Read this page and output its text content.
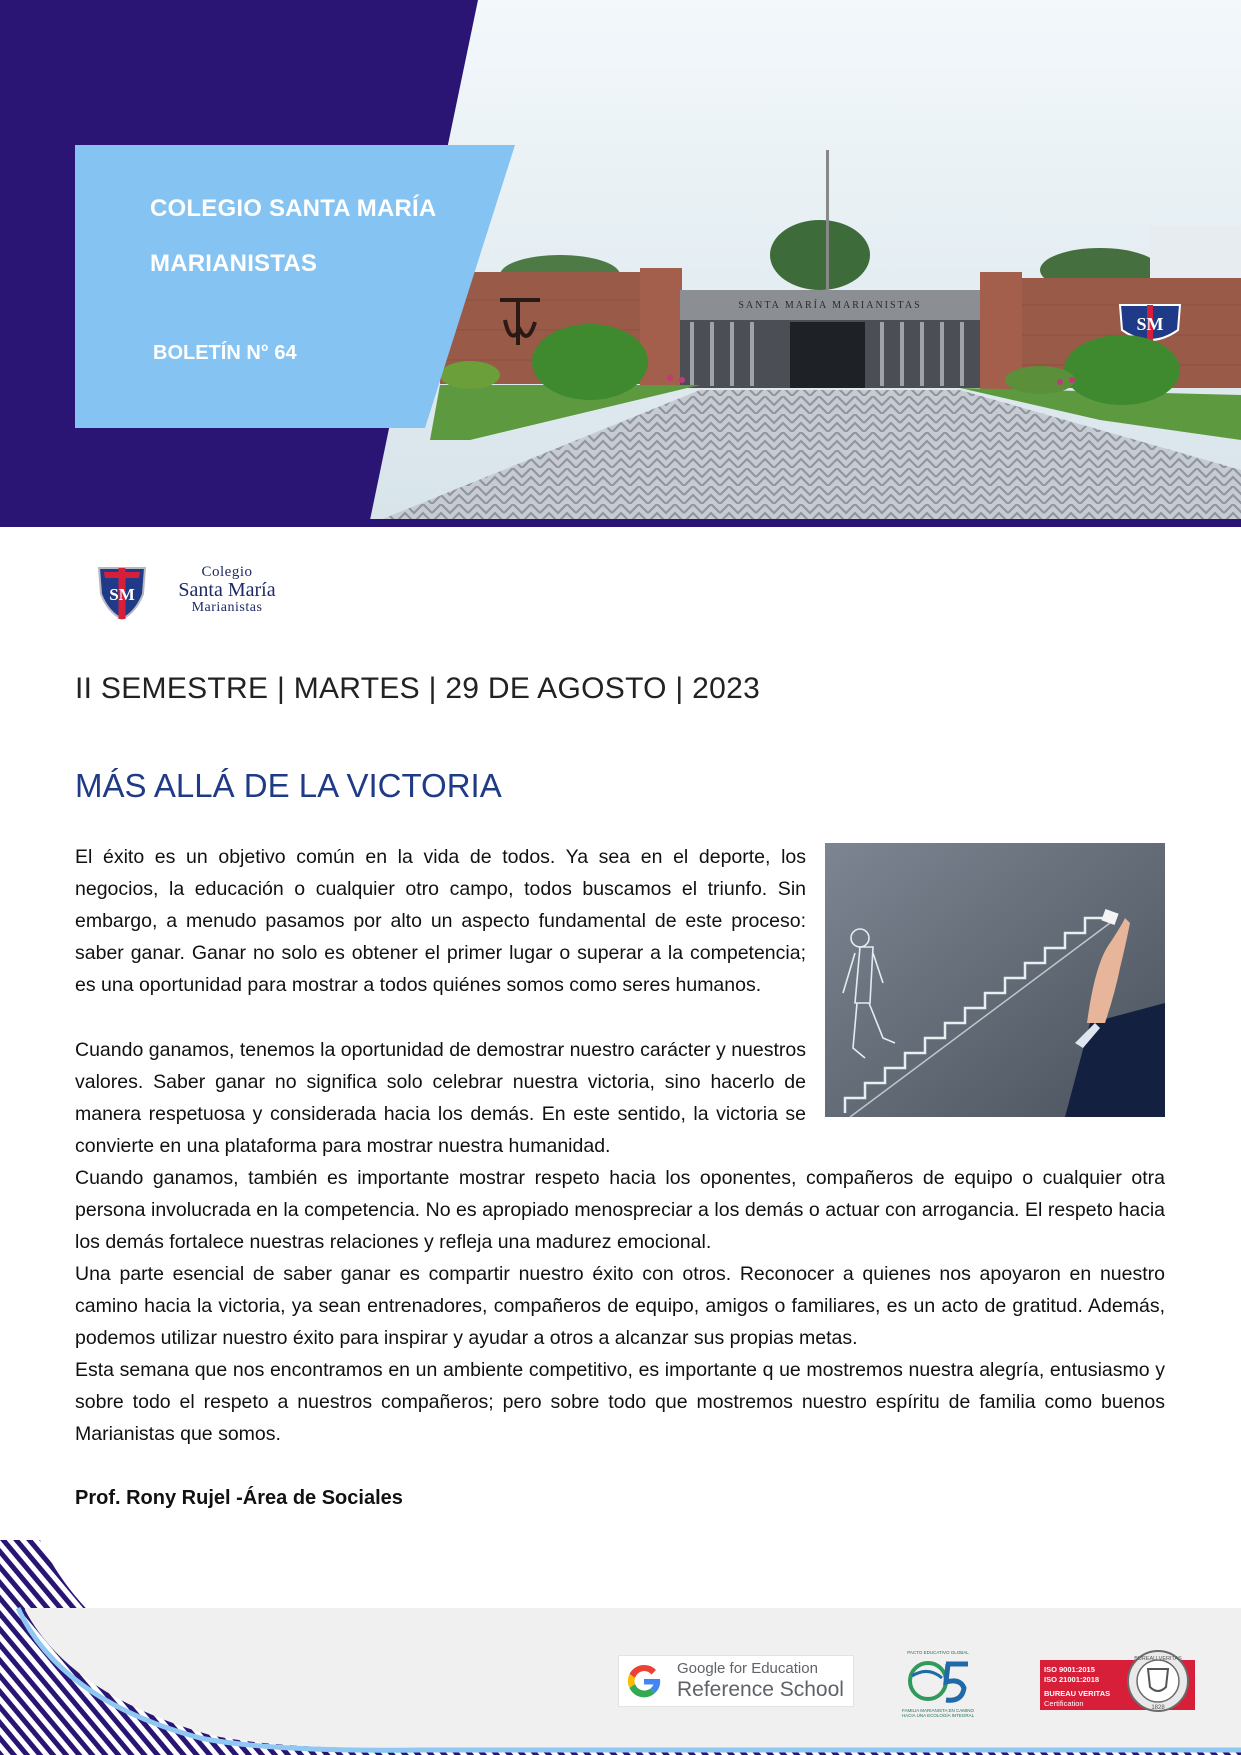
SANTA MARÍA MARIANISTAS
SM
COLEGIO SANTA MARÍA
MARIANISTAS
BOLETÍN N° 64
SM
Colegio
Santa María
Marianistas
II SEMESTRE | MARTES | 29 DE AGOSTO | 2023
MÁS ALLÁ DE LA VICTORIA

El éxito es un objetivo común en la vida de todos. Ya sea en el deporte, los negocios, la educación o cualquier otro campo, todos buscamos el triunfo. Sin embargo, a menudo pasamos por alto un aspecto fundamental de este proceso: saber ganar. Ganar no solo es obtener el primer lugar o superar a la competencia; es una oportunidad para mostrar a todos quiénes somos como seres humanos.

Cuando ganamos, tenemos la oportunidad de demostrar nuestro carácter y nuestros valores. Saber ganar no significa solo celebrar nuestra victoria, sino hacerlo de manera respetuosa y considerada hacia los demás. En este sentido, la victoria se convierte en una plataforma para mostrar nuestra humanidad.

Cuando ganamos, también es importante mostrar respeto hacia los oponentes, compañeros de equipo o cualquier otra persona involucrada en la competencia. No es apropiado menospreciar a los demás o actuar con arrogancia. El respeto hacia los demás fortalece nuestras relaciones y refleja una madurez emocional.

Una parte esencial de saber ganar es compartir nuestro éxito con otros. Reconocer a quienes nos apoyaron en nuestro camino hacia la victoria, ya sean entrenadores, compañeros de equipo, amigos o familiares, es un acto de gratitud. Además, podemos utilizar nuestro éxito para inspirar y ayudar a otros a alcanzar sus propias metas.

Esta semana que nos encontramos en un ambiente competitivo, es importante q ue mostremos nuestra alegría, entusiasmo y sobre todo el respeto a nuestros compañeros; pero sobre todo que mostremos nuestro espíritu de familia como buenos Marianistas que somos.

Prof. Rony Rujel -Área de Sociales
Google for Education
Reference School
PACTO EDUCATIVO GLOBAL
FAMILIA MARIANISTA EN CAMINO HACIA UNA ECOLOGÍA INTEGRAL
ISO 9001:2015
ISO 21001:2018
BUREAU VERITAS
Certification
BUREAU VERITAS
1828
